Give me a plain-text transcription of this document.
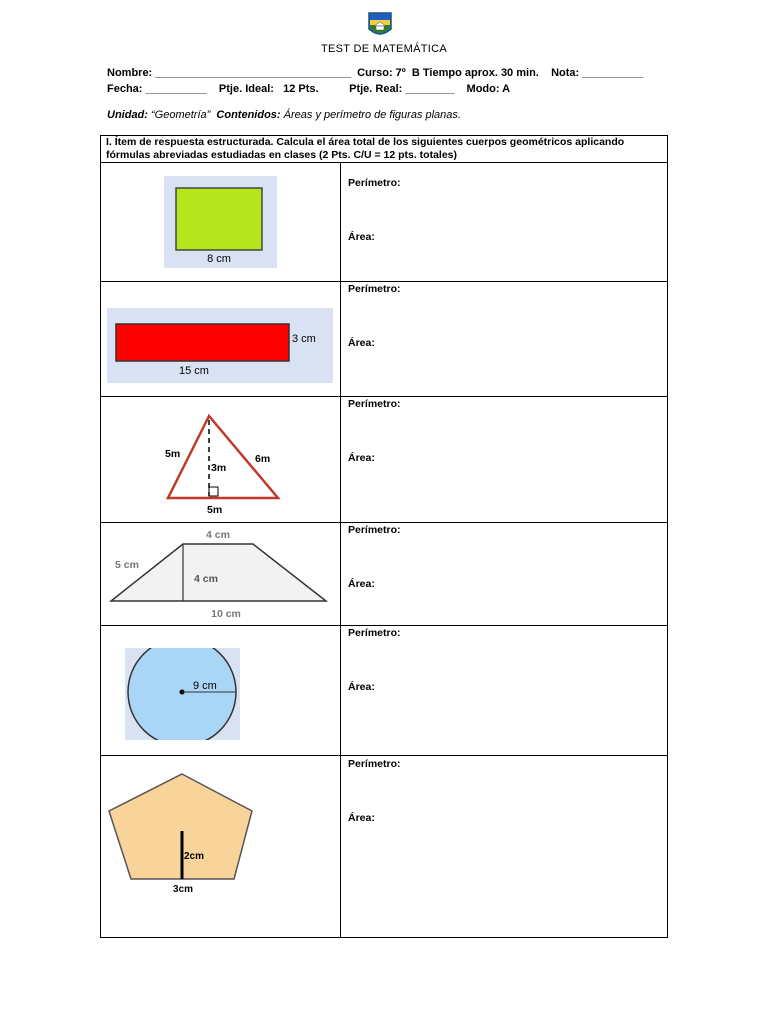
TEST DE MATEMÁTICA
Nombre: ________________________________  Curso: 7º  B Tiempo aprox. 30 min.    Nota: __________
Fecha: __________    Ptje. Ideal:   12 Pts.          Ptje. Real: ________    Modo: A
Unidad: “Geometría”  Contenidos: Áreas y perímetro de figuras planas.
I. Ítem de respuesta estructurada. Calcula el área total de los siguientes cuerpos geométricos aplicando fórmulas abreviadas estudiadas en clases (2 Pts. C/U = 12 pts. totales)
Perímetro:
Área:
Perímetro:
Área:
Perímetro:
Área:
Perímetro:
Área:
Perímetro:
Área:
Perímetro:
Área:
8 cm
3 cm
15 cm
5m	6m
3m
5m
4 cm
5 cm
4 cm
10 cm
9 cm
2cm
3cm
